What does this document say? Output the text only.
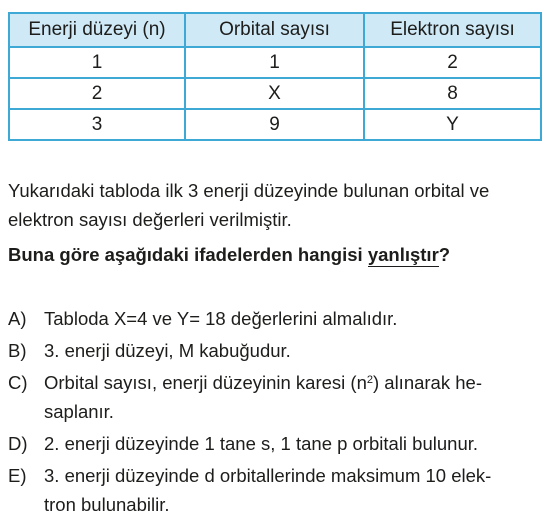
Enerji düzeyi (n)	Orbital sayısı	Elektron sayısı
1	1	2
2	X	8
3	9	Y
Yukarıdaki tabloda ilk 3 enerji düzeyinde bulunan orbital ve
elektron sayısı değerleri verilmiştir.
Buna göre aşağıdaki ifadelerden hangisi yanlıştır?
A) Tabloda X=4 ve Y= 18 değerlerini almalıdır.
B) 3. enerji düzeyi, M kabuğudur.
C) Orbital sayısı, enerji düzeyinin karesi $(n^2)$ alınarak he-
saplanır.
D) 2. enerji düzeyinde 1 tane s, 1 tane p orbitali bulunur.
E) 3. enerji düzeyinde d orbitallerinde maksimum 10 elek-
tron bulunabilir.
